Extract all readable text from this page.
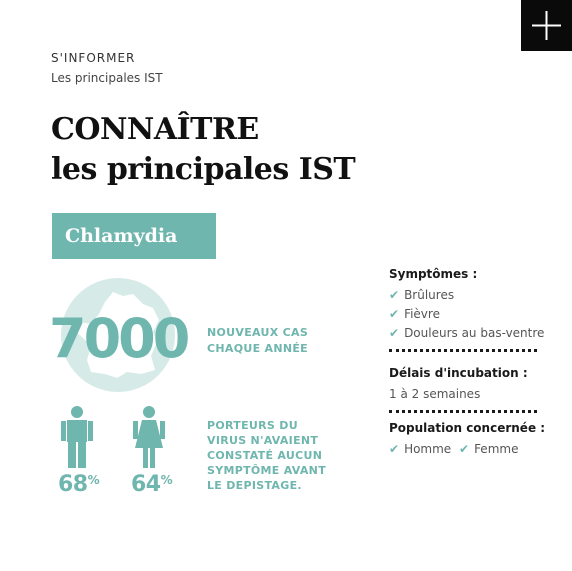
S'INFORMER
Les principales IST
CONNAÎTRE
les principales IST
Chlamydia
7000 NOUVEAUX CAS
CHAQUE ANNÉE
68% 64%
PORTEURS DU
VIRUS N'AVAIENT
CONSTATÉ AUCUN
SYMPTÔME AVANT
LE DEPISTAGE.
Symptômes :
✔ Brûlures
✔ Fièvre
✔ Douleurs au bas-ventre
Délais d'incubation :
1 à 2 semaines
Population concernée :
✔ Homme ✔ Femme
